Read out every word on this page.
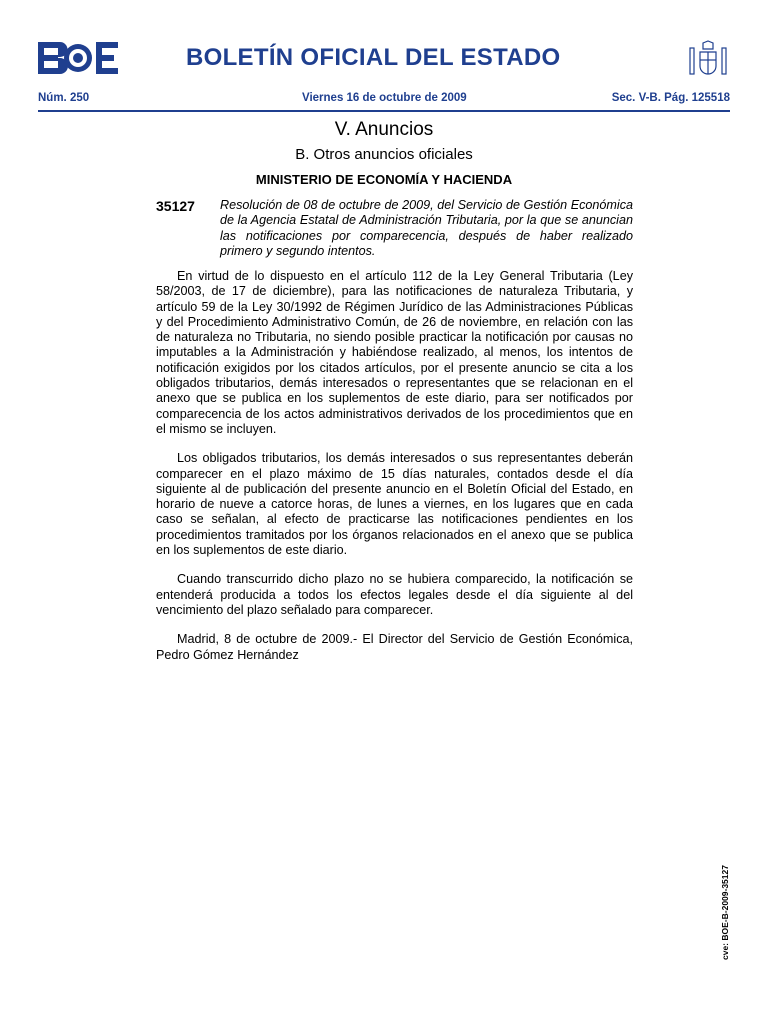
BOLETÍN OFICIAL DEL ESTADO
Núm. 250	Viernes 16 de octubre de 2009	Sec. V-B. Pág. 125518
V. Anuncios
B. Otros anuncios oficiales
MINISTERIO DE ECONOMÍA Y HACIENDA
35127 Resolución de 08 de octubre de 2009, del Servicio de Gestión Económica de la Agencia Estatal de Administración Tributaria, por la que se anuncian las notificaciones por comparecencia, después de haber realizado primero y segundo intentos.

En virtud de lo dispuesto en el artículo 112 de la Ley General Tributaria (Ley 58/2003, de 17 de diciembre), para las notificaciones de naturaleza Tributaria, y artículo 59 de la Ley 30/1992 de Régimen Jurídico de las Administraciones Públicas y del Procedimiento Administrativo Común, de 26 de noviembre, en relación con las de naturaleza no Tributaria, no siendo posible practicar la notificación por causas no imputables a la Administración y habiéndose realizado, al menos, los intentos de notificación exigidos por los citados artículos, por el presente anuncio se cita a los obligados tributarios, demás interesados o representantes que se relacionan en el anexo que se publica en los suplementos de este diario, para ser notificados por comparecencia de los actos administrativos derivados de los procedimientos que en el mismo se incluyen.

Los obligados tributarios, los demás interesados o sus representantes deberán comparecer en el plazo máximo de 15 días naturales, contados desde el día siguiente al de publicación del presente anuncio en el Boletín Oficial del Estado, en horario de nueve a catorce horas, de lunes a viernes, en los lugares que en cada caso se señalan, al efecto de practicarse las notificaciones pendientes en los procedimientos tramitados por los órganos relacionados en el anexo que se publica en los suplementos de este diario.

Cuando transcurrido dicho plazo no se hubiera comparecido, la notificación se entenderá producida a todos los efectos legales desde el día siguiente al del vencimiento del plazo señalado para comparecer.

Madrid, 8 de octubre de 2009.- El Director del Servicio de Gestión Económica, Pedro Gómez Hernández

cve: BOE-B-2009-35127
